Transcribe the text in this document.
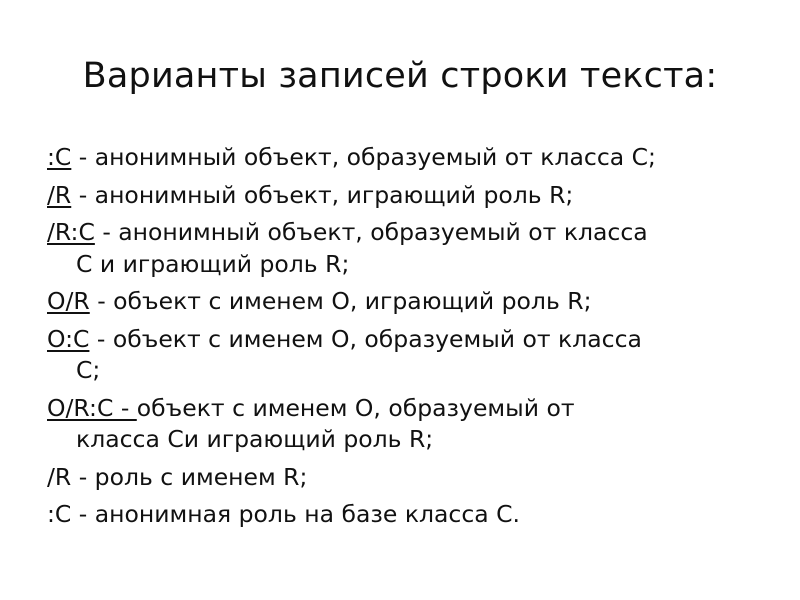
Варианты записей строки текста:

:C - анонимный объект, образуемый от класса C;

/R - анонимный объект, играющий роль R;

/R:C - анонимный объект, образуемый от класса
C и играющий роль R;

O/R - объект с именем O, играющий роль R;

O:C - объект с именем O, образуемый от класса
C;

O/R:C - объект с именем O, образуемый от
класса Cи играющий роль R;

/R - роль с именем R;

:C - анонимная роль на базе класса C.
